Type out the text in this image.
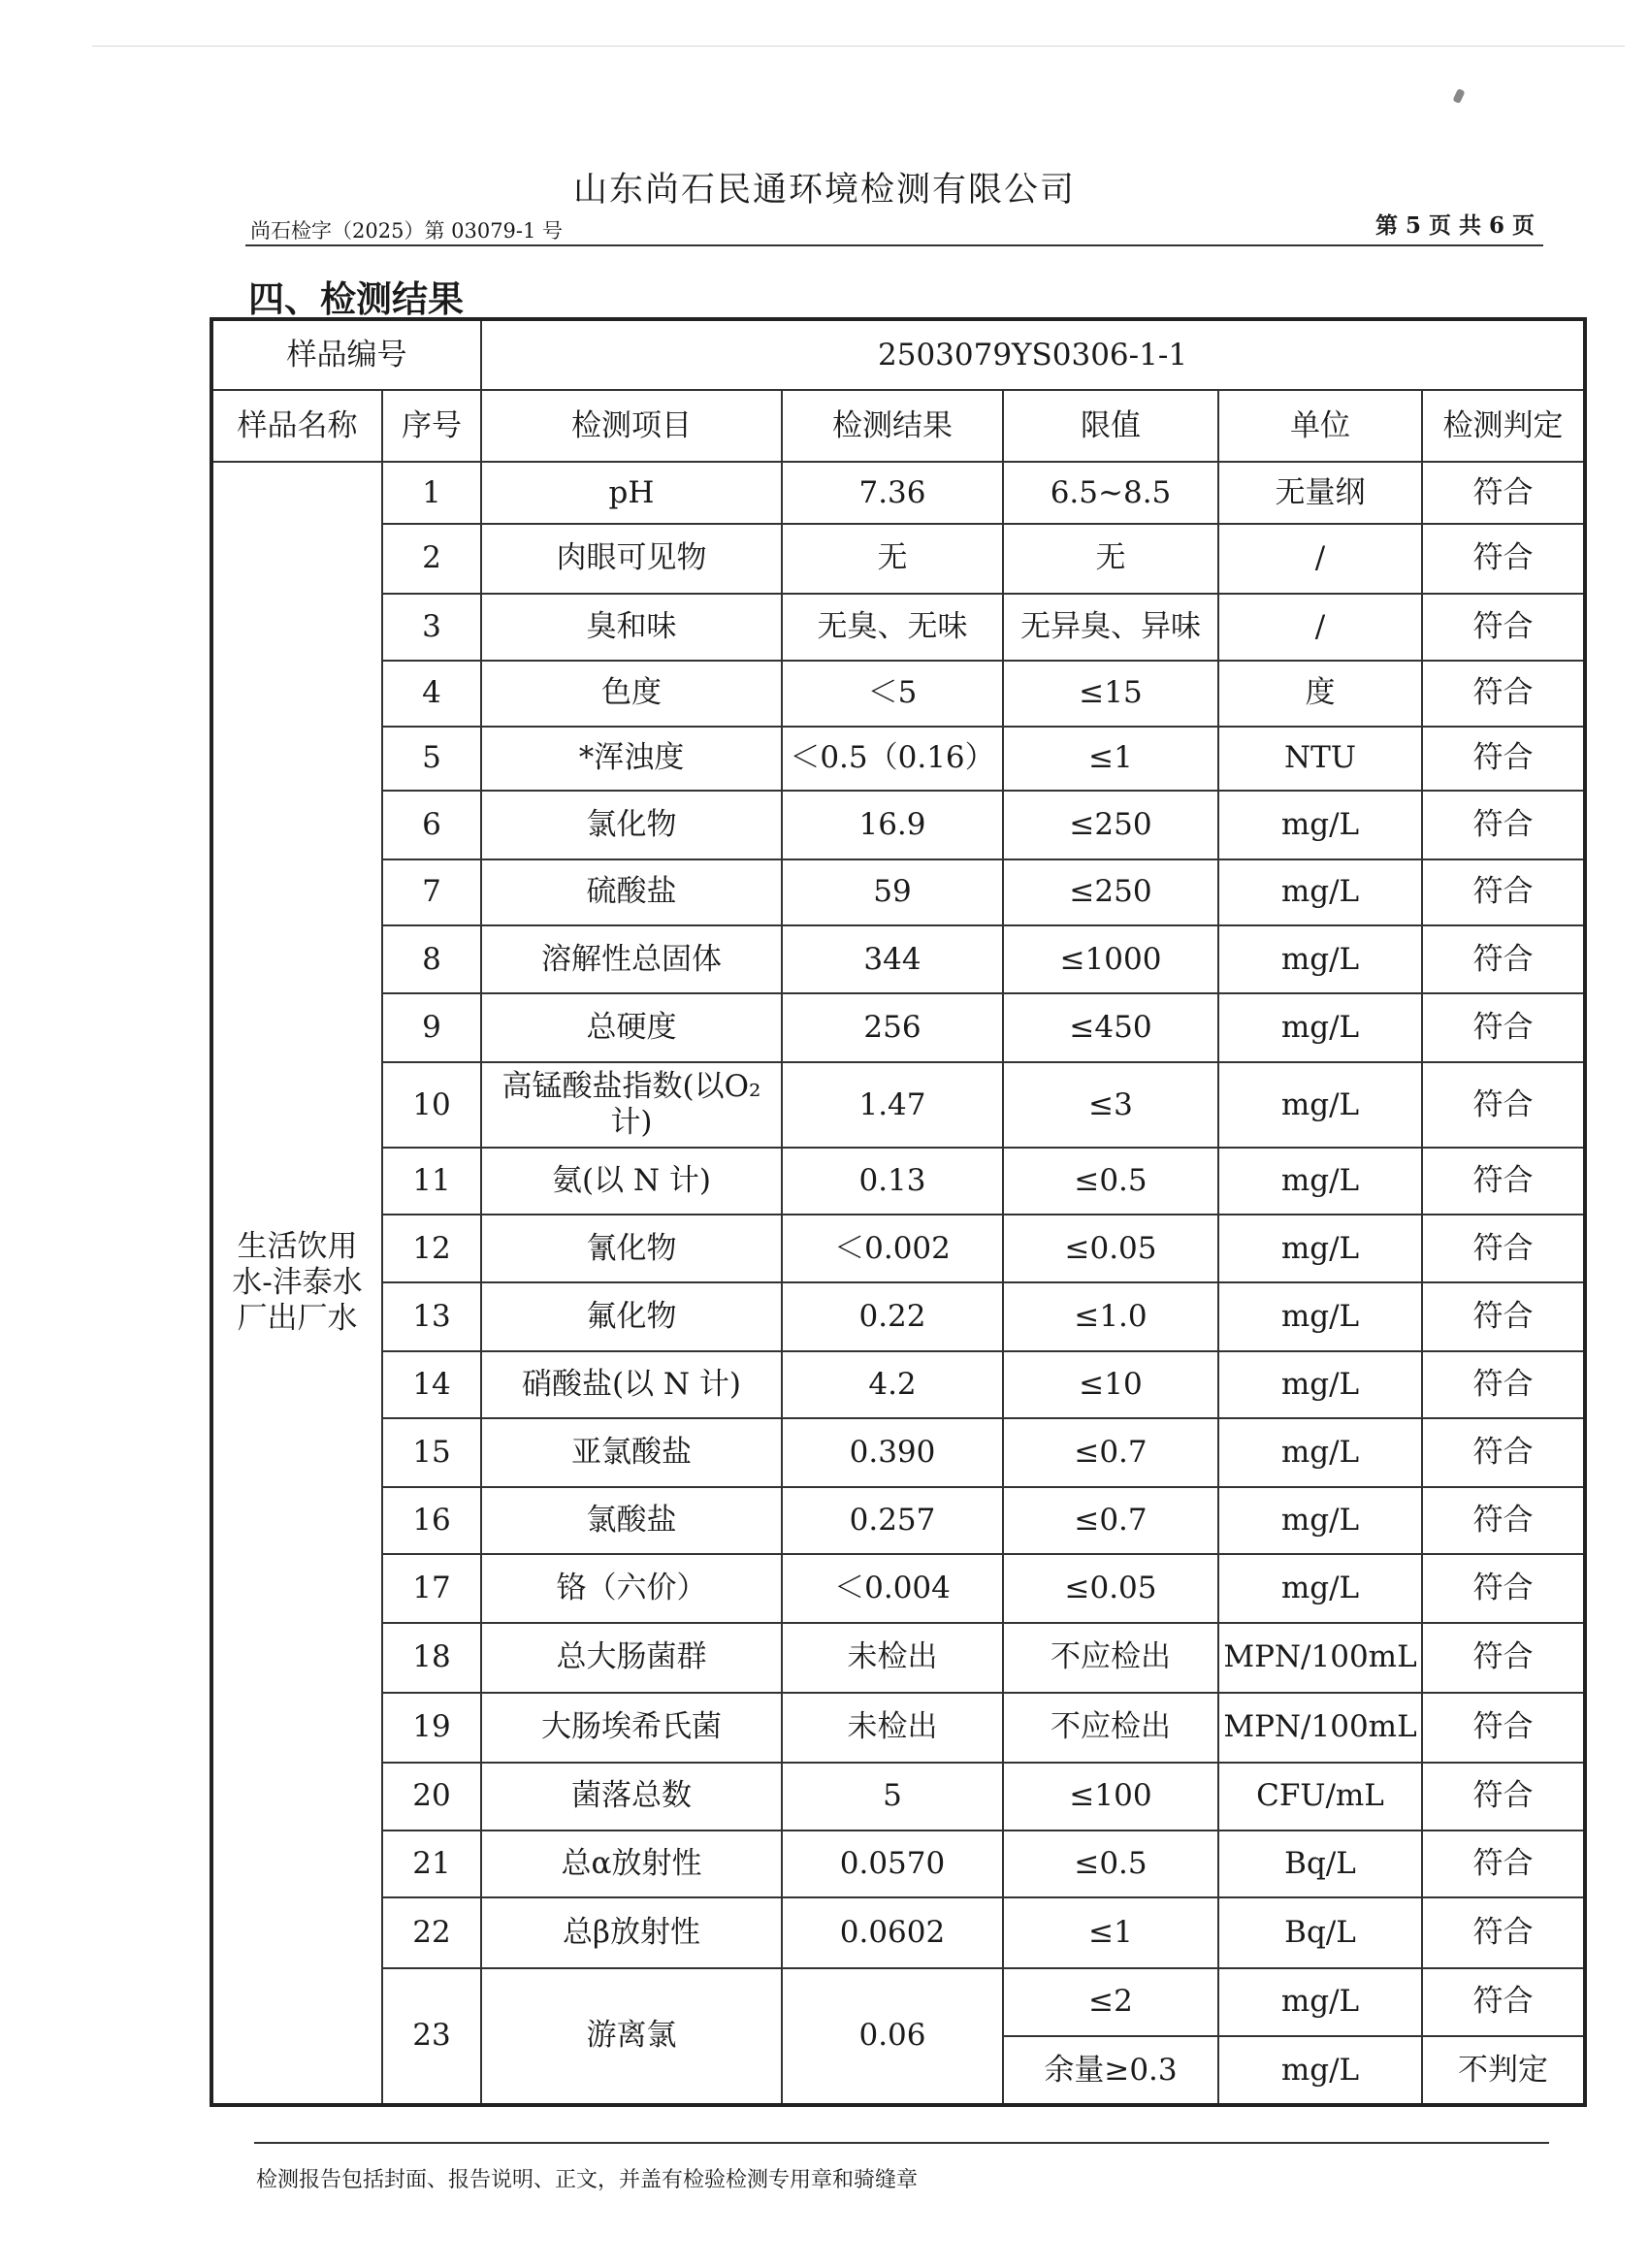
山东尚石民通环境检测有限公司
尚石检字（2025）第 03079-1 号	第 5 页 共 6 页
四、检测结果
样品编号		2503079YS0306-1-1				
样品名称	序号	检测项目	检测结果	限值	单位	检测判定
生活饮用水-沣泰水厂出厂水	1	pH	7.36	6.5~8.5	无量纲	符合
	2	肉眼可见物	无	无	/	符合
	3	臭和味	无臭、无味	无异臭、异味	/	符合
	4	色度	＜5	≤15	度	符合
	5	*浑浊度	＜0.5（0.16）	≤1	NTU	符合
	6	氯化物	16.9	≤250	mg/L	符合
	7	硫酸盐	59	≤250	mg/L	符合
	8	溶解性总固体	344	≤1000	mg/L	符合
	9	总硬度	256	≤450	mg/L	符合
	10	高锰酸盐指数(以O₂计)	1.47	≤3	mg/L	符合
	11	氨(以 N 计)	0.13	≤0.5	mg/L	符合
	12	氰化物	＜0.002	≤0.05	mg/L	符合
	13	氟化物	0.22	≤1.0	mg/L	符合
	14	硝酸盐(以 N 计)	4.2	≤10	mg/L	符合
	15	亚氯酸盐	0.390	≤0.7	mg/L	符合
	16	氯酸盐	0.257	≤0.7	mg/L	符合
	17	铬（六价）	＜0.004	≤0.05	mg/L	符合
	18	总大肠菌群	未检出	不应检出	MPN/100mL	符合
	19	大肠埃希氏菌	未检出	不应检出	MPN/100mL	符合
	20	菌落总数	5	≤100	CFU/mL	符合
	21	总α放射性	0.0570	≤0.5	Bq/L	符合
	22	总β放射性	0.0602	≤1	Bq/L	符合
	23	游离氯	0.06	≤2	mg/L	符合
				余量≥0.3	mg/L	不判定
检测报告包括封面、报告说明、正文，并盖有检验检测专用章和骑缝章
